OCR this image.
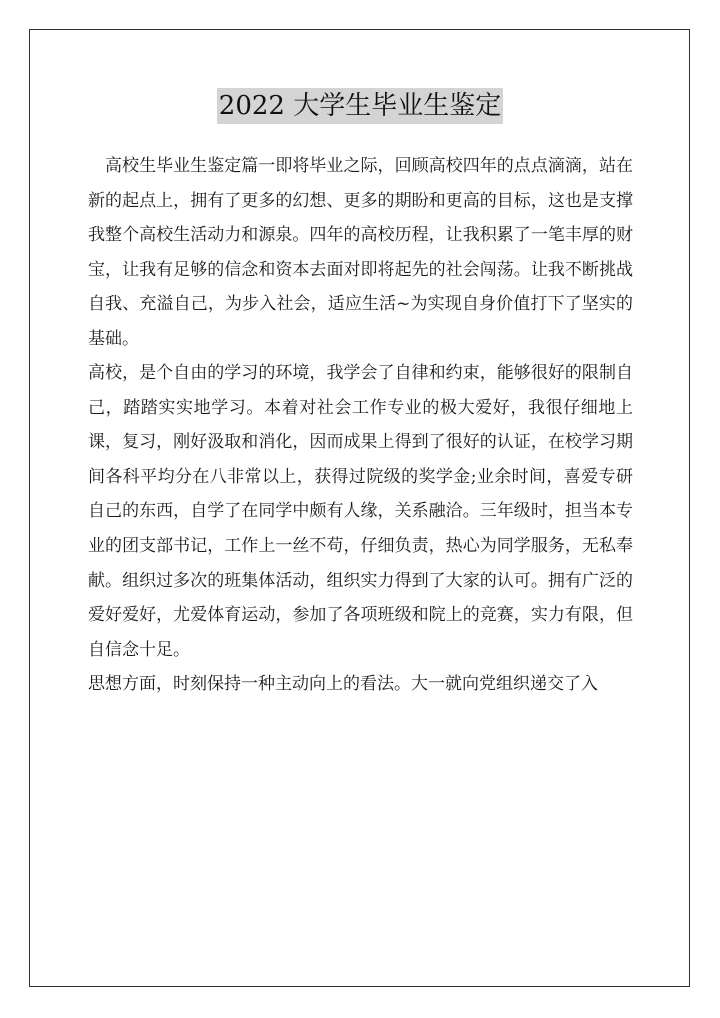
2022 大学生毕业生鉴定

高校生毕业生鉴定篇一即将毕业之际，回顾高校四年的点点滴滴，站在新的起点上，拥有了更多的幻想、更多的期盼和更高的目标，这也是支撑我整个高校生活动力和源泉。四年的高校历程，让我积累了一笔丰厚的财宝，让我有足够的信念和资本去面对即将起先的社会闯荡。让我不断挑战自我、充溢自己，为步入社会，适应生活~为实现自身价值打下了坚实的基础。

高校，是个自由的学习的环境，我学会了自律和约束，能够很好的限制自己，踏踏实实地学习。本着对社会工作专业的极大爱好，我很仔细地上课，复习，刚好汲取和消化，因而成果上得到了很好的认证，在校学习期间各科平均分在八非常以上，获得过院级的奖学金;业余时间，喜爱专研自己的东西，自学了在同学中颇有人缘，关系融洽。三年级时，担当本专业的团支部书记，工作上一丝不苟，仔细负责，热心为同学服务，无私奉献。组织过多次的班集体活动，组织实力得到了大家的认可。拥有广泛的爱好爱好，尤爱体育运动，参加了各项班级和院上的竞赛，实力有限，但自信念十足。

思想方面，时刻保持一种主动向上的看法。大一就向党组织递交了入
